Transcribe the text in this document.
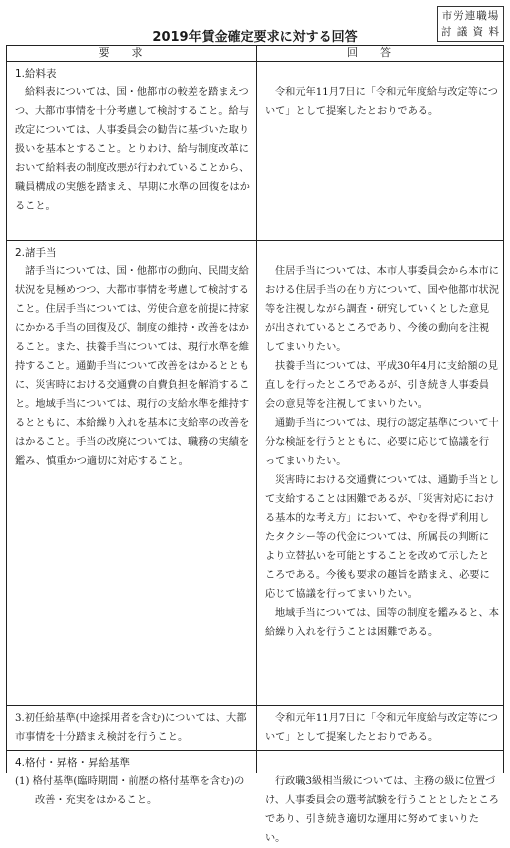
市労連職場
討 議 資 料
2019年賃金確定要求に対する回答
要求	回答
1.給料表

給料表については、国・他都市の較差を踏まえつつ、大都市事情を十分考慮して検討すること。給与改定については、人事委員会の勧告に基づいた取り扱いを基本とすること。とりわけ、給与制度改革において給料表の制度改悪が行われていることから、職員構成の実態を踏まえ、早期に水準の回復をはかること。

令和元年11月7日に「令和元年度給与改定等について」として提案したとおりである。

2.諸手当

諸手当については、国・他都市の動向、民間支給状況を見極めつつ、大都市事情を考慮して検討すること。住居手当については、労使合意を前提に持家にかかる手当の回復及び、制度の維持・改善をはかること。また、扶養手当については、現行水準を維持すること。通勤手当について改善をはかるとともに、災害時における交通費の自費負担を解消すること。地域手当については、現行の支給水準を維持するとともに、本給繰り入れを基本に支給率の改善をはかること。手当の改廃については、職務の実績を鑑み、慎重かつ適切に対応すること。

住居手当については、本市人事委員会から本市における住居手当の在り方について、国や他都市状況等を注視しながら調査・研究していくとした意見が出されているところであり、今後の動向を注視してまいりたい。

扶養手当については、平成30年4月に支給額の見直しを行ったところであるが、引き続き人事委員会の意見等を注視してまいりたい。

通勤手当については、現行の認定基準について十分な検証を行うとともに、必要に応じて協議を行ってまいりたい。

災害時における交通費については、通勤手当として支給することは困難であるが、「災害対応における基本的な考え方」において、やむを得ず利用したタクシー等の代金については、所属長の判断により立替払いを可能とすることを改めて示したところである。今後も要求の趣旨を踏まえ、必要に応じて協議を行ってまいりたい。

地域手当については、国等の制度を鑑みると、本給繰り入れを行うことは困難である。

3.初任給基準(中途採用者を含む)については、大都市事情を十分踏まえ検討を行うこと。

令和元年11月7日に「令和元年度給与改定等について」として提案したとおりである。

4.格付・昇格・昇給基準
(1) 格付基準(臨時期間・前歴の格付基準を含む)の改善・充実をはかること。

行政職3級相当級については、主務の級に位置づけ、人事委員会の選考試験を行うこととしたところであり、引き続き適切な運用に努めてまいりたい。
